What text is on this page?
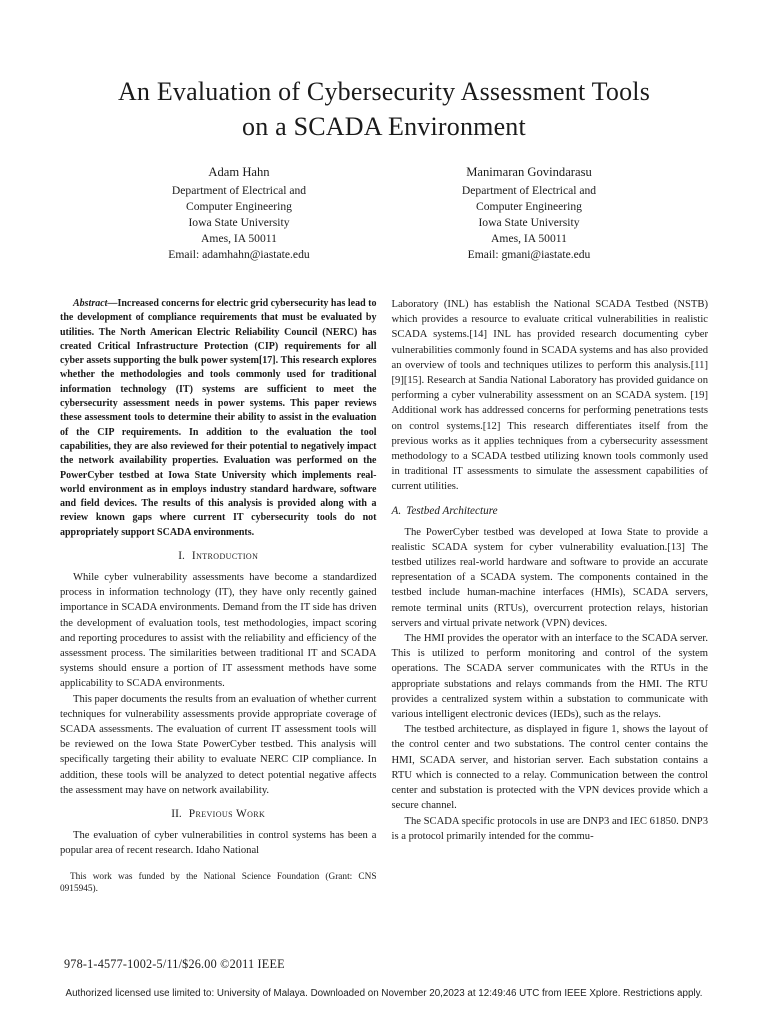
An Evaluation of Cybersecurity Assessment Tools
on a SCADA Environment
Adam Hahn
Department of Electrical and
Computer Engineering
Iowa State University
Ames, IA 50011
Email: adamhahn@iastate.edu
Manimaran Govindarasu
Department of Electrical and
Computer Engineering
Iowa State University
Ames, IA 50011
Email: gmani@iastate.edu

Abstract—Increased concerns for electric grid cybersecurity has lead to the development of compliance requirements that must be evaluated by utilities. The North American Electric Reliability Council (NERC) has created Critical Infrastructure Protection (CIP) requirements for all cyber assets supporting the bulk power system[17]. This research explores whether the methodologies and tools commonly used for traditional information technology (IT) systems are sufficient to meet the cybersecurity assessment needs in power systems. This paper reviews these assessment tools to determine their ability to assist in the evaluation of the CIP requirements. In addition to the evaluation the tool capabilities, they are also reviewed for their potential to negatively impact the network availability properties. Evaluation was performed on the PowerCyber testbed at Iowa State University which implements real-world environment as in employs industry standard hardware, software and field devices. The results of this analysis is provided along with a review known gaps where current IT cybersecurity tools do not appropriately support SCADA environments.

I. Introduction

While cyber vulnerability assessments have become a standardized process in information technology (IT), they have only recently gained importance in SCADA environments. Demand from the IT side has driven the development of evaluation tools, test methodologies, impact scoring and reporting procedures to assist with the reliability and efficiency of the assessment process. The similarities between traditional IT and SCADA systems should ensure a portion of IT assessment methods have some applicability to SCADA environments.

This paper documents the results from an evaluation of whether current techniques for vulnerability assessments provide appropriate coverage of SCADA assessments. The evaluation of current IT assessment tools will be reviewed on the Iowa State PowerCyber testbed. This analysis will specifically targeting their ability to evaluate NERC CIP compliance. In addition, these tools will be analyzed to detect potential negative affects the assessment may have on network availability.

II. Previous Work

The evaluation of cyber vulnerabilities in control systems has been a popular area of recent research. Idaho National

This work was funded by the National Science Foundation (Grant: CNS 0915945).

Laboratory (INL) has establish the National SCADA Testbed (NSTB) which provides a resource to evaluate critical vulnerabilities in realistic SCADA systems.[14] INL has provided research documenting cyber vulnerabilities commonly found in SCADA systems and has also provided an overview of tools and techniques utilizes to perform this analysis.[11][9][15]. Research at Sandia National Laboratory has provided guidance on performing a cyber vulnerability assessment on an SCADA system. [19] Additional work has addressed concerns for performing penetrations tests on control systems.[12] This research differentiates itself from the previous works as it applies techniques from a cybersecurity assessment methodology to a SCADA testbed utilizing known tools commonly used in traditional IT assessments to simulate the assessment capabilities of current utilities.

A. Testbed Architecture

The PowerCyber testbed was developed at Iowa State to provide a realistic SCADA system for cyber vulnerability evaluation.[13] The testbed utilizes real-world hardware and software to provide an accurate representation of a SCADA system. The components contained in the testbed include human-machine interfaces (HMIs), SCADA servers, remote terminal units (RTUs), overcurrent protection relays, historian servers and virtual private network (VPN) devices.

The HMI provides the operator with an interface to the SCADA server. This is utilized to perform monitoring and control of the system operations. The SCADA server communicates with the RTUs in the appropriate substations and relays commands from the HMI. The RTU provides a centralized system within a substation to communicate with various intelligent electronic devices (IEDs), such as the relays.

The testbed architecture, as displayed in figure 1, shows the layout of the control center and two substations. The control center contains the HMI, SCADA server, and historian server. Each substation contains a RTU which is connected to a relay. Communication between the control center and substation is protected with the VPN devices provide which a secure channel.

The SCADA specific protocols in use are DNP3 and IEC 61850. DNP3 is a protocol primarily intended for the commu-

978-1-4577-1002-5/11/$26.00 ©2011 IEEE
Authorized licensed use limited to: University of Malaya. Downloaded on November 20,2023 at 12:49:46 UTC from IEEE Xplore. Restrictions apply.
